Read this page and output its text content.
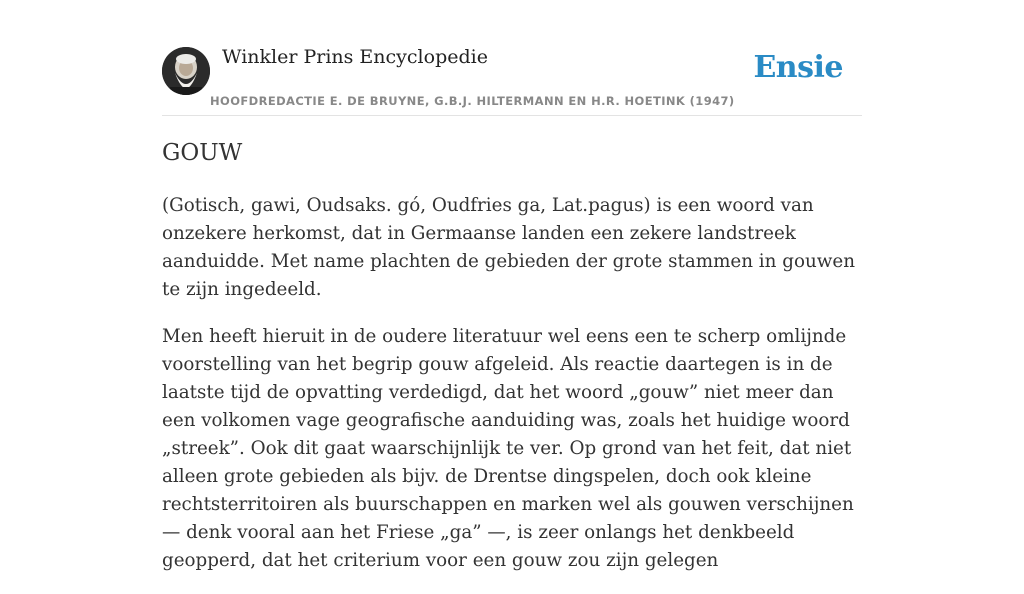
Winkler Prins Encyclopedie
HOOFDREDACTIE E. DE BRUYNE, G.B.J. HILTERMANN EN H.R. HOETINK (1947)
Ensie
GOUW

(Gotisch, gawi, Oudsaks. gó, Oudfries ga, Lat.pagus) is een woord van onzekere herkomst, dat in Germaanse landen een zekere landstreek aanduidde. Met name plachten de gebieden der grote stammen in gouwen te zijn ingedeeld.

Men heeft hieruit in de oudere literatuur wel eens een te scherp omlijnde voorstelling van het begrip gouw afgeleid. Als reactie daartegen is in de laatste tijd de opvatting verdedigd, dat het woord „gouw” niet meer dan een volkomen vage geografische aanduiding was, zoals het huidige woord „streek”. Ook dit gaat waarschijnlijk te ver. Op grond van het feit, dat niet alleen grote gebieden als bijv. de Drentse dingspelen, doch ook kleine rechtsterritoiren als buurschappen en marken wel als gouwen verschijnen — denk vooral aan het Friese „ga” —, is zeer onlangs het denkbeeld geopperd, dat het criterium voor een gouw zou zijn gelegen
